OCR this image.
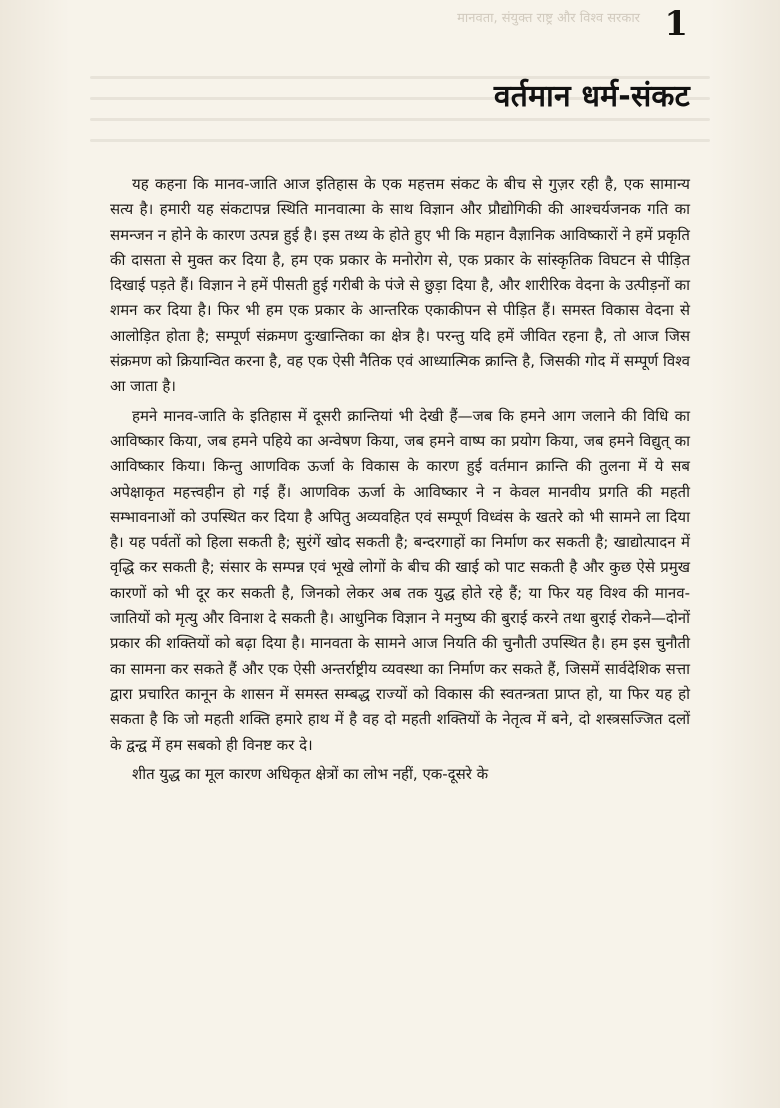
मानवता, संयुक्त राष्ट्र और विश्व सरकार 1
वर्तमान धर्म-संकट

यह कहना कि मानव-जाति आज इतिहास के एक महत्तम संकट के बीच से गुज़र रही है, एक सामान्य सत्य है। हमारी यह संकटापन्न स्थिति मानवात्मा के साथ विज्ञान और प्रौद्योगिकी की आश्चर्यजनक गति का समन्जन न होने के कारण उत्पन्न हुई है। इस तथ्य के होते हुए भी कि महान वैज्ञानिक आविष्कारों ने हमें प्रकृति की दासता से मुक्त कर दिया है, हम एक प्रकार के मनोरोग से, एक प्रकार के सांस्कृतिक विघटन से पीड़ित दिखाई पड़ते हैं। विज्ञान ने हमें पीसती हुई गरीबी के पंजे से छुड़ा दिया है, और शारीरिक वेदना के उत्पीड़नों का शमन कर दिया है। फिर भी हम एक प्रकार के आन्तरिक एकाकीपन से पीड़ित हैं। समस्त विकास वेदना से आलोड़ित होता है; सम्पूर्ण संक्रमण दुःखान्तिका का क्षेत्र है। परन्तु यदि हमें जीवित रहना है, तो आज जिस संक्रमण को क्रियान्वित करना है, वह एक ऐसी नैतिक एवं आध्यात्मिक क्रान्ति है, जिसकी गोद में सम्पूर्ण विश्व आ जाता है।

हमने मानव-जाति के इतिहास में दूसरी क्रान्तियां भी देखी हैं—जब कि हमने आग जलाने की विधि का आविष्कार किया, जब हमने पहिये का अन्वेषण किया, जब हमने वाष्प का प्रयोग किया, जब हमने विद्युत् का आविष्कार किया। किन्तु आणविक ऊर्जा के विकास के कारण हुई वर्तमान क्रान्ति की तुलना में ये सब अपेक्षाकृत महत्त्वहीन हो गई हैं। आणविक ऊर्जा के आविष्कार ने न केवल मानवीय प्रगति की महती सम्भावनाओं को उपस्थित कर दिया है अपितु अव्यवहित एवं सम्पूर्ण विध्वंस के खतरे को भी सामने ला दिया है। यह पर्वतों को हिला सकती है; सुरंगें खोद सकती है; बन्दरगाहों का निर्माण कर सकती है; खाद्योत्पादन में वृद्धि कर सकती है; संसार के सम्पन्न एवं भूखे लोगों के बीच की खाई को पाट सकती है और कुछ ऐसे प्रमुख कारणों को भी दूर कर सकती है, जिनको लेकर अब तक युद्ध होते रहे हैं; या फिर यह विश्व की मानव-जातियों को मृत्यु और विनाश दे सकती है। आधुनिक विज्ञान ने मनुष्य की बुराई करने तथा बुराई रोकने—दोनों प्रकार की शक्तियों को बढ़ा दिया है। मानवता के सामने आज नियति की चुनौती उपस्थित है। हम इस चुनौती का सामना कर सकते हैं और एक ऐसी अन्तर्राष्ट्रीय व्यवस्था का निर्माण कर सकते हैं, जिसमें सार्वदेशिक सत्ता द्वारा प्रचारित कानून के शासन में समस्त सम्बद्ध राज्यों को विकास की स्वतन्त्रता प्राप्त हो, या फिर यह हो सकता है कि जो महती शक्ति हमारे हाथ में है वह दो महती शक्तियों के नेतृत्व में बने, दो शस्त्रसज्जित दलों के द्वन्द्व में हम सबको ही विनष्ट कर दे।

शीत युद्ध का मूल कारण अधिकृत क्षेत्रों का लोभ नहीं, एक-दूसरे के
